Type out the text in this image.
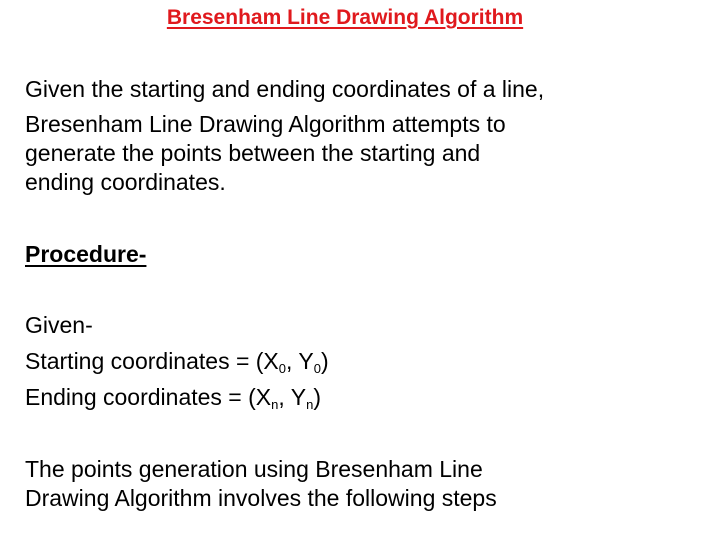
Bresenham Line Drawing Algorithm
Given the starting and ending coordinates of a line,
Bresenham Line Drawing Algorithm attempts to
generate the points between the starting and
ending coordinates.
Procedure-
Given-
Starting coordinates = ($X_0$, $Y_0$)
Ending coordinates = ($X_n$, $Y_n$)
The points generation using Bresenham Line
Drawing Algorithm involves the following steps
